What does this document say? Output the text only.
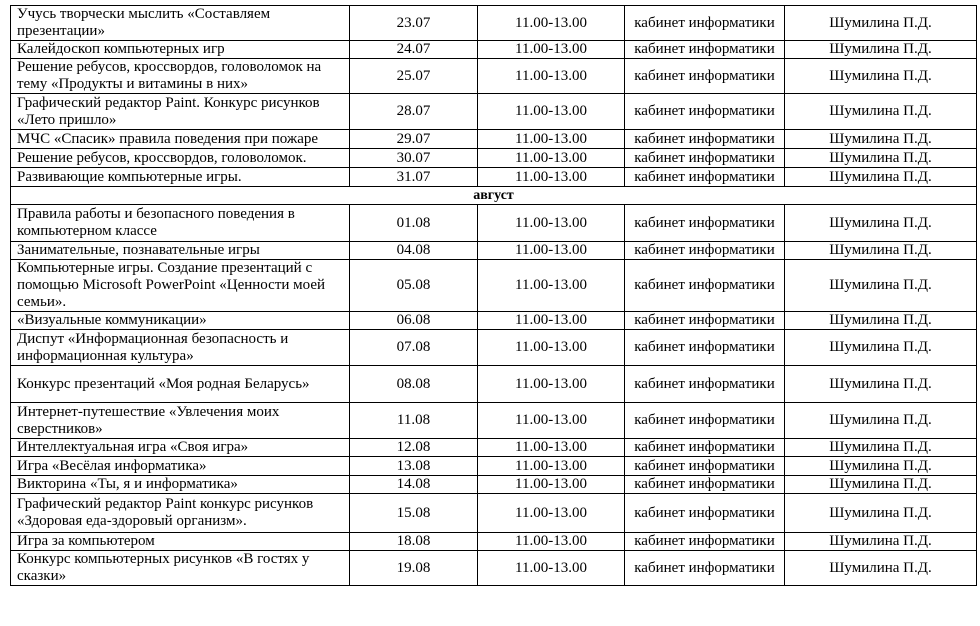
Учусь творчески мыслить «Составляем презентации»	23.07	11.00-13.00	кабинет информатики	Шумилина П.Д.
Калейдоскоп компьютерных игр	24.07	11.00-13.00	кабинет информатики	Шумилина П.Д.
Решение ребусов, кроссвордов, головоломок на тему «Продукты и витамины в них»	25.07	11.00-13.00	кабинет информатики	Шумилина П.Д.
Графический редактор Paint. Конкурс рисунков «Лето пришло»	28.07	11.00-13.00	кабинет информатики	Шумилина П.Д.
МЧС «Спасик» правила поведения при пожаре	29.07	11.00-13.00	кабинет информатики	Шумилина П.Д.
Решение ребусов, кроссвордов, головоломок.	30.07	11.00-13.00	кабинет информатики	Шумилина П.Д.
Развивающие компьютерные игры.	31.07	11.00-13.00	кабинет информатики	Шумилина П.Д.
август				
Правила работы и безопасного поведения в компьютерном классе	01.08	11.00-13.00	кабинет информатики	Шумилина П.Д.
Занимательные, познавательные игры	04.08	11.00-13.00	кабинет информатики	Шумилина П.Д.
Компьютерные игры. Создание презентаций с помощью Microsoft PowerPoint «Ценности моей семьи».	05.08	11.00-13.00	кабинет информатики	Шумилина П.Д.
«Визуальные коммуникации»	06.08	11.00-13.00	кабинет информатики	Шумилина П.Д.
Диспут «Информационная безопасность и информационная культура»	07.08	11.00-13.00	кабинет информатики	Шумилина П.Д.
Конкурс презентаций «Моя родная Беларусь»	08.08	11.00-13.00	кабинет информатики	Шумилина П.Д.
Интернет-путешествие «Увлечения моих сверстников»	11.08	11.00-13.00	кабинет информатики	Шумилина П.Д.
Интеллектуальная игра «Своя игра»	12.08	11.00-13.00	кабинет информатики	Шумилина П.Д.
Игра «Весёлая информатика»	13.08	11.00-13.00	кабинет информатики	Шумилина П.Д.
Викторина «Ты, я и информатика»	14.08	11.00-13.00	кабинет информатики	Шумилина П.Д.
Графический редактор Paint конкурс рисунков «Здоровая еда-здоровый организм».	15.08	11.00-13.00	кабинет информатики	Шумилина П.Д.
Игра за компьютером	18.08	11.00-13.00	кабинет информатики	Шумилина П.Д.
Конкурс компьютерных рисунков «В гостях у сказки»	19.08	11.00-13.00	кабинет информатики	Шумилина П.Д.
